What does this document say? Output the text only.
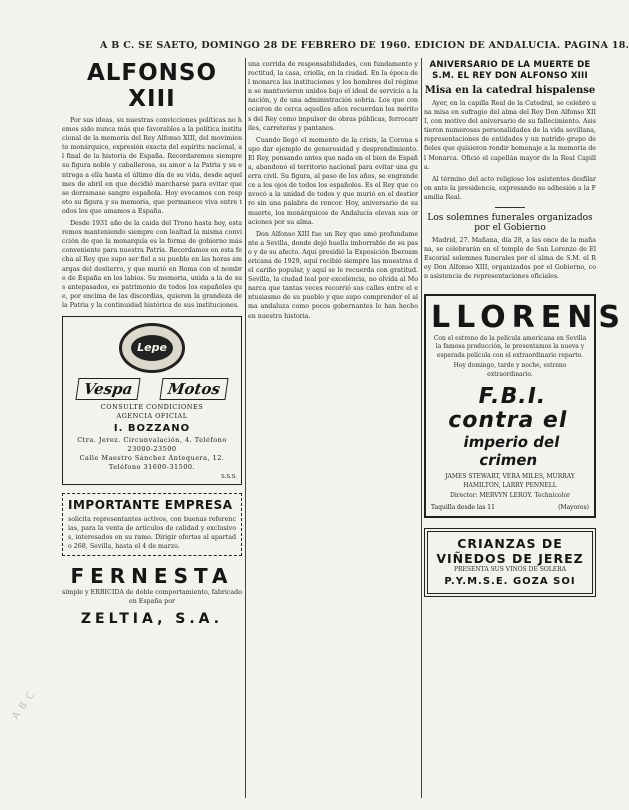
A B C. SE SAETO, DOMINGO 28 DE FEBRERO DE 1960. EDICION DE ANDALUCIA. PAGINA 18.
ALFONSO XIII

Por sus ideas, su nuestras convicciones políticas no hemos sido nunca más que favorables a la política institucional de la memoria del Rey Alfonso XIII, del movimiento monárquico, expresión exacta del espíritu nacional, al final de la historia de España. Recordaremos siempre su figura noble y caballerosa, su amor a la Patria y su entrega a ella hasta el último día de su vida, desde aquel mes de abril en que decidió marcharse para evitar que se derramase sangre española. Hoy evocamos con respeto su figura y su memoria, que permanece viva entre todos los que amamos a España.

Desde 1931 año de la caída del Trono hasta hoy, estaremos manteniendo siempre con lealtad la misma convicción de que la monarquía es la forma de gobierno más conveniente para nuestra Patria. Recordamos en esta fecha al Rey que supo ser fiel a su pueblo en las horas amargas del destierro, y que murió en Roma con el nombre de España en los labios. Su memoria, unida a la de sus antepasados, es patrimonio de todos los españoles que, por encima de las discordias, quieren la grandeza de la Patria y la continuidad histórica de sus instituciones.

Lepe
Vespa	Motos
CONSULTE CONDICIONES
AGENCIA OFICIAL
I. BOZZANO
Ctra. Jerez. Circunvalación, 4. Teléfono 23000-23500
Calle Maestro Sánchez Antequera, 12. Teléfono 31600-31500.
S.S.S.
IMPORTANTE EMPRESA

solicita representantes activos, con buenas referencias, para la venta de artículos de calidad y exclusivos, interesados en su ramo. Dirigir ofertas al apartado 268, Sevilla, hasta el 4 de marzo.

FERNESTA

simple y ERBICIDA de doble comportamiento, fabricado en España por

ZELTIA, S.A.

una corrida de responsabilidades, con fundamento y rectitud, la casa, criolla, en la ciudad. En la época del monarca las instituciones y los hombres del régimen se mantuvieron unidos bajo el ideal de servicio a la nación, y de una administración sobria. Los que conocieron de cerca aquellos años recuerdan los méritos del Rey como impulsor de obras públicas, ferrocarriles, carreteras y pantanos.

Cuando llegó el momento de la crisis, la Corona supo dar ejemplo de generosidad y desprendimiento. El Rey, pensando antes que nada en el bien de España, abandonó el territorio nacional para evitar una guerra civil. Su figura, al paso de los años, se engrandece a los ojos de todos los españoles. Es el Rey que convocó a la unidad de todos y que murió en el destierro sin una palabra de rencor. Hoy, aniversario de su muerte, los monárquicos de Andalucía elevan sus oraciones por su alma.

Don Alfonso XIII fue un Rey que amó profundamente a Sevilla, donde dejó huella imborrable de su paso y de su afecto. Aquí presidió la Exposición Iberoamericana de 1929, aquí recibió siempre las muestras del cariño popular, y aquí se le recuerda con gratitud. Sevilla, la ciudad leal por excelencia, no olvida al Monarca que tantas veces recorrió sus calles entre el entusiasmo de su pueblo y que supo comprender el alma andaluza como pocos gobernantes lo han hecho en nuestra historia.

ANIVERSARIO DE LA MUERTE DE S.M. EL REY DON ALFONSO XIII
Misa en la catedral hispalense

Ayer, en la capilla Real de la Catedral, se celebró una misa en sufragio del alma del Rey Don Alfonso XIII, con motivo del aniversario de su fallecimiento. Asistieron numerosas personalidades de la vida sevillana, representaciones de entidades y un nutrido grupo de fieles que quisieron rendir homenaje a la memoria del Monarca. Ofició el capellán mayor de la Real Capilla.

Al término del acto religioso los asistentes desfilaron ante la presidencia, expresando su adhesión a la Familia Real.

Los solemnes funerales organizados por el Gobierno

Madrid, 27. Mañana, día 28, a las once de la mañana, se celebrarán en el templo de San Lorenzo de El Escorial solemnes funerales por el alma de S.M. el Rey Don Alfonso XIII, organizados por el Gobierno, con asistencia de representaciones oficiales.

LLORENS
Con el estreno de la película americana en Sevilla la famosa producción, le presentamos la nueva y esperada película con el extraordinario reparto.
Hoy domingo, tarde y noche, estreno extraordinario.
F.B.I. contra el
imperio del crimen
JAMES STEWART, VERA MILES, MURRAY HAMILTON, LARRY PENNELL
Director: MERVYN LEROY. Technicolor
Taquilla desde las 11	(Mayores)
CRIANZAS DE VIÑEDOS DE JEREZ
PRESENTA SUS VINOS DE SOLERA
P.Y.M.S.E. GOZA SOI
A B C
